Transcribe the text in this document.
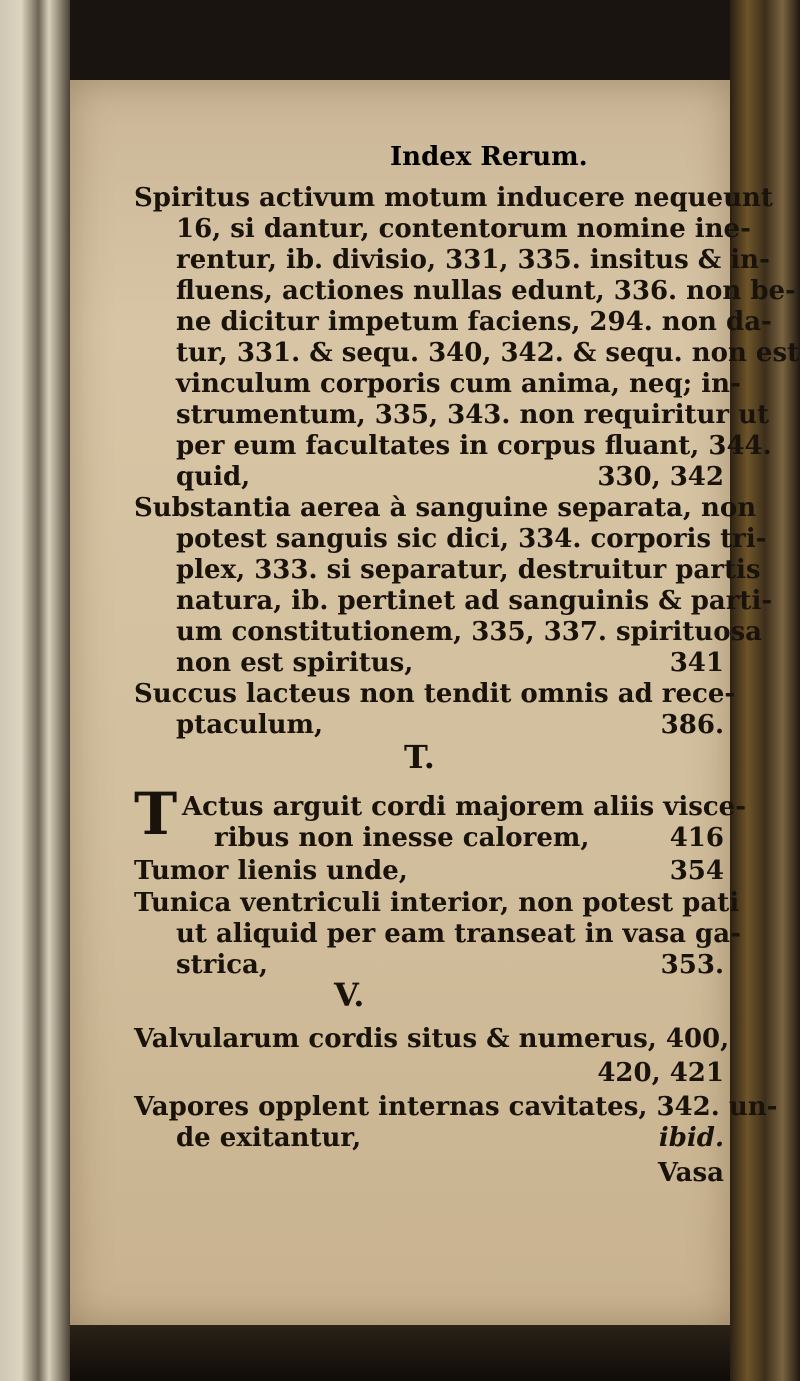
Index Rerum.
Spiritus activum motum inducere nequeunt
16, si dantur, contentorum nomine ine-
rentur, ib. divisio, 331, 335. insitus & in-
fluens, actiones nullas edunt, 336. non be-
ne dicitur impetum faciens, 294. non da-
tur, 331. & sequ. 340, 342. & sequ. non est
vinculum corporis cum anima, neq; in-
strumentum, 335, 343. non requiritur ut
per eum facultates in corpus fluant, 344.
quid,	330, 342
Substantia aerea à sanguine separata, non
potest sanguis sic dici, 334. corporis tri-
plex, 333. si separatur, destruitur partis
natura, ib. pertinet ad sanguinis & parti-
um constitutionem, 335, 337. spirituosa
non est spiritus,	341
Succus lacteus non tendit omnis ad rece-
ptaculum,	386.
T.
T Actus arguit cordi majorem aliis visce-
ribus non inesse calorem,	416
Tumor lienis unde,	354
Tunica ventriculi interior, non potest pati
ut aliquid per eam transeat in vasa ga-
strica,	353.
V.
Valvularum cordis situs & numerus, 400,
420, 421
Vapores opplent internas cavitates, 342. un-
de exitantur,	ibid.
Vasa
